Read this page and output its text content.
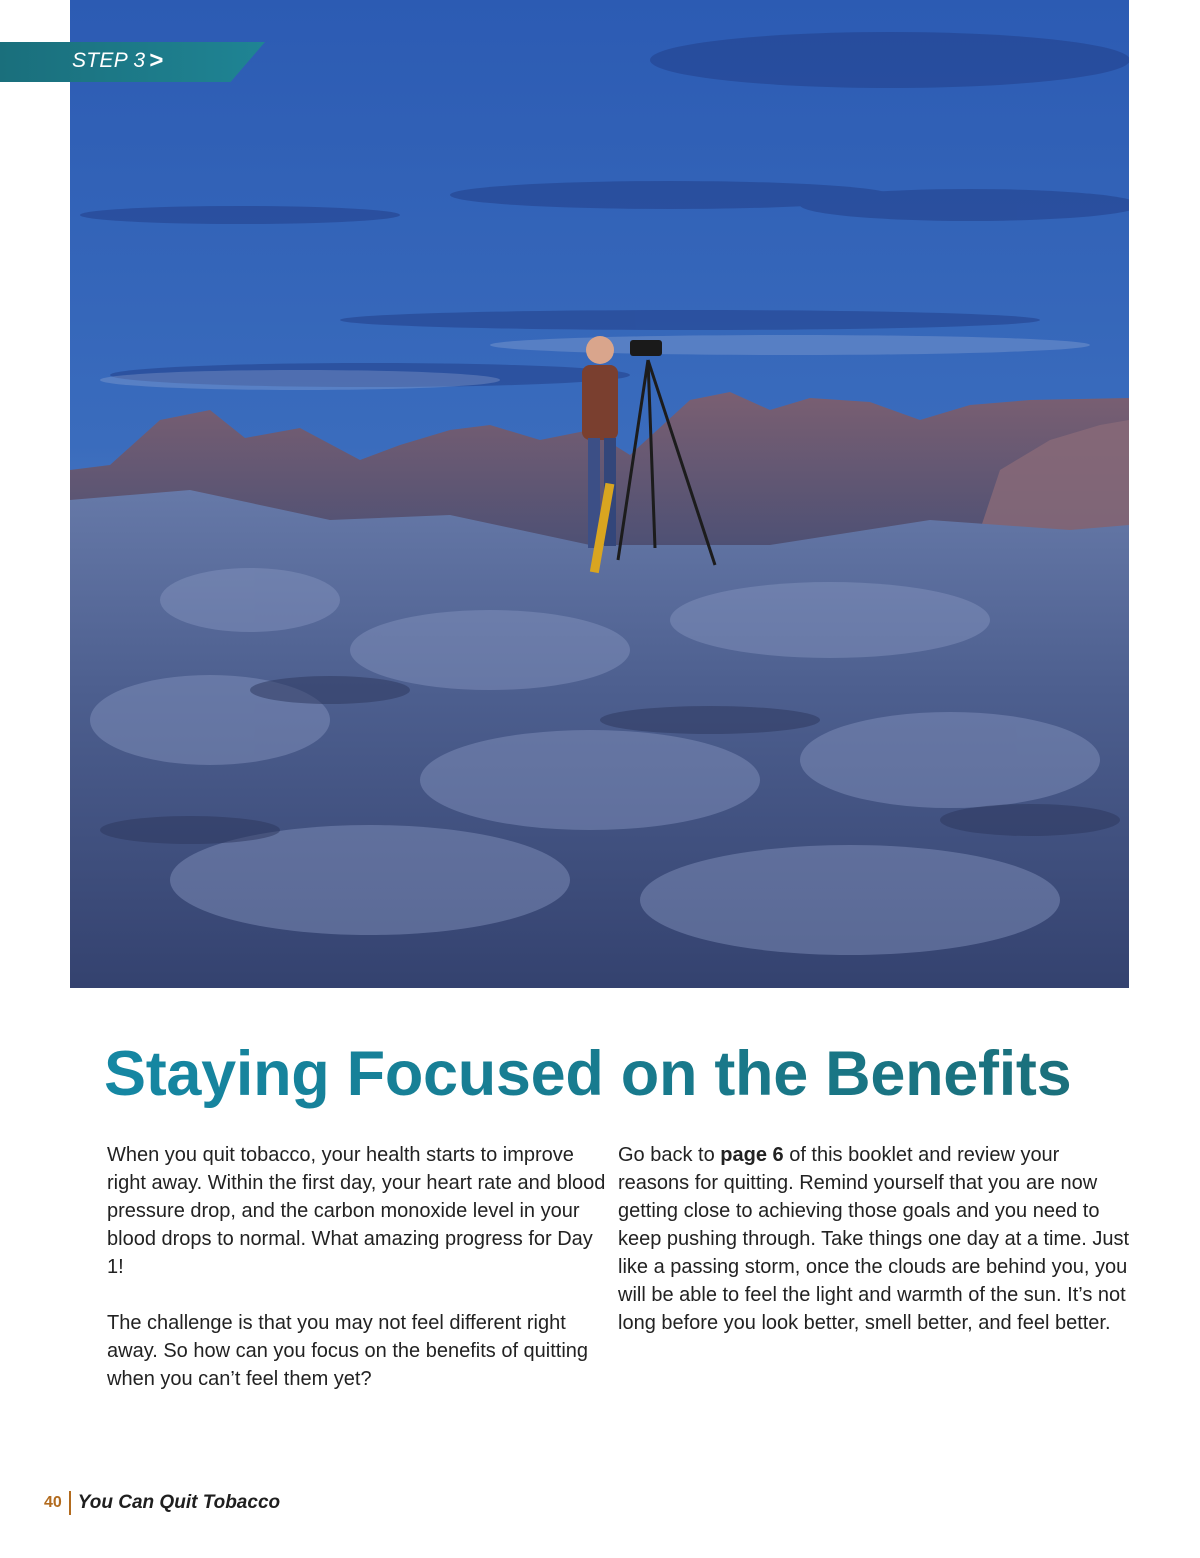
STEP 3 >
Staying Focused on the Benefits

When you quit tobacco, your health starts to improve right away. Within the first day, your heart rate and blood pressure drop, and the carbon monoxide level in your blood drops to normal. What amazing progress for Day 1!

The challenge is that you may not feel different right away. So how can you focus on the benefits of quitting when you can’t feel them yet?

Go back to page 6 of this booklet and review your reasons for quitting. Remind yourself that you are now getting close to achieving those goals and you need to keep pushing through. Take things one day at a time. Just like a passing storm, once the clouds are behind you, you will be able to feel the light and warmth of the sun. It’s not long before you look better, smell better, and feel better.

40 You Can Quit Tobacco
